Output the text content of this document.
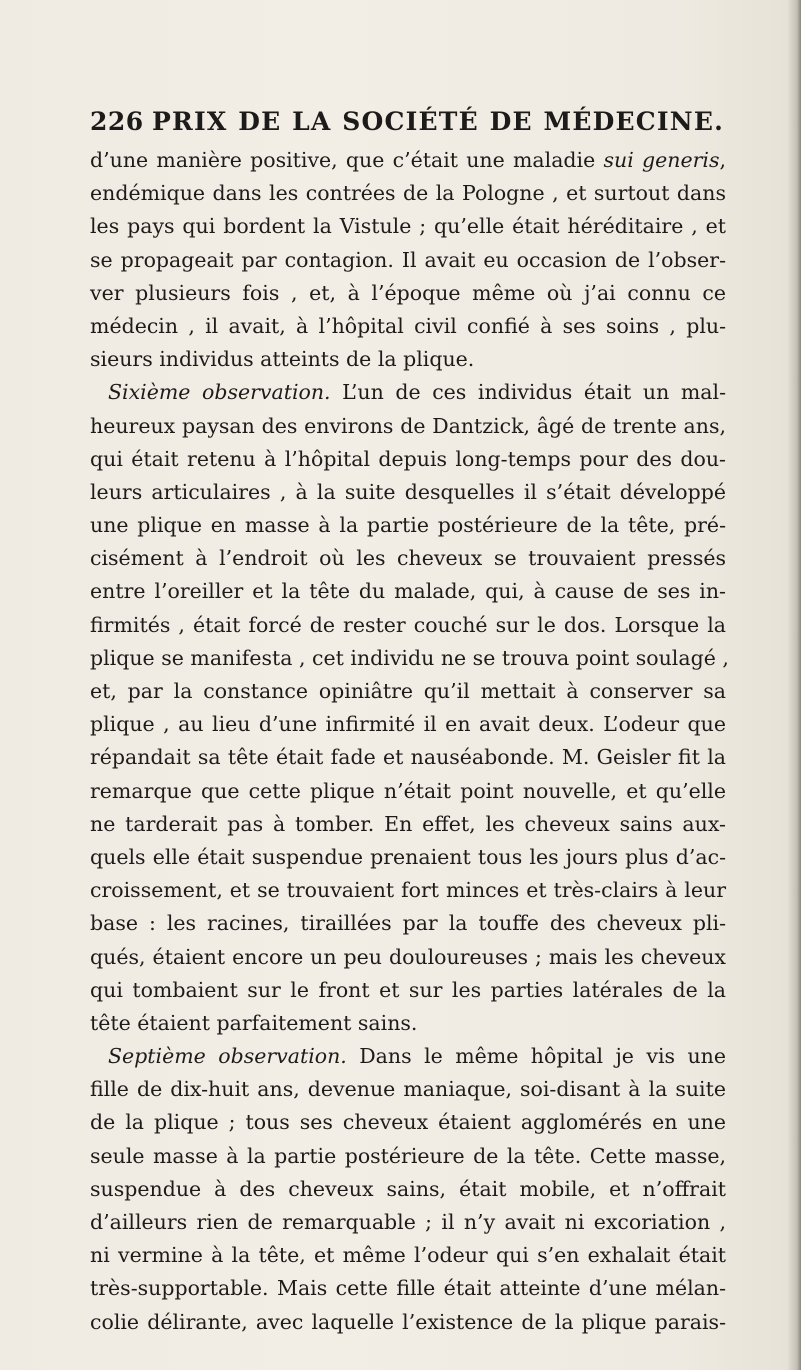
226 PRIX DE LA SOCIÉTÉ DE MÉDECINE.
d’une manière positive, que c’était une maladie sui generis,
endémique dans les contrées de la Pologne , et surtout dans
les pays qui bordent la Vistule ; qu’elle était héréditaire , et
se propageait par contagion. Il avait eu occasion de l’obser-
ver plusieurs fois , et, à l’époque même où j’ai connu ce
médecin , il avait, à l’hôpital civil confié à ses soins , plu-
sieurs individus atteints de la plique.
Sixième observation. L’un de ces individus était un mal-
heureux paysan des environs de Dantzick, âgé de trente ans,
qui était retenu à l’hôpital depuis long-temps pour des dou-
leurs articulaires , à la suite desquelles il s’était développé
une plique en masse à la partie postérieure de la tête, pré-
cisément à l’endroit où les cheveux se trouvaient pressés
entre l’oreiller et la tête du malade, qui, à cause de ses in-
firmités , était forcé de rester couché sur le dos. Lorsque la
plique se manifesta , cet individu ne se trouva point soulagé ,
et, par la constance opiniâtre qu’il mettait à conserver sa
plique , au lieu d’une infirmité il en avait deux. L’odeur que
répandait sa tête était fade et nauséabonde. M. Geisler fit la
remarque que cette plique n’était point nouvelle, et qu’elle
ne tarderait pas à tomber. En effet, les cheveux sains aux-
quels elle était suspendue prenaient tous les jours plus d’ac-
croissement, et se trouvaient fort minces et très-clairs à leur
base : les racines, tiraillées par la touffe des cheveux pli-
qués, étaient encore un peu douloureuses ; mais les cheveux
qui tombaient sur le front et sur les parties latérales de la
tête étaient parfaitement sains.
Septième observation. Dans le même hôpital je vis une
fille de dix-huit ans, devenue maniaque, soi-disant à la suite
de la plique ; tous ses cheveux étaient agglomérés en une
seule masse à la partie postérieure de la tête. Cette masse,
suspendue à des cheveux sains, était mobile, et n’offrait
d’ailleurs rien de remarquable ; il n’y avait ni excoriation ,
ni vermine à la tête, et même l’odeur qui s’en exhalait était
très-supportable. Mais cette fille était atteinte d’une mélan-
colie délirante, avec laquelle l’existence de la plique parais-
